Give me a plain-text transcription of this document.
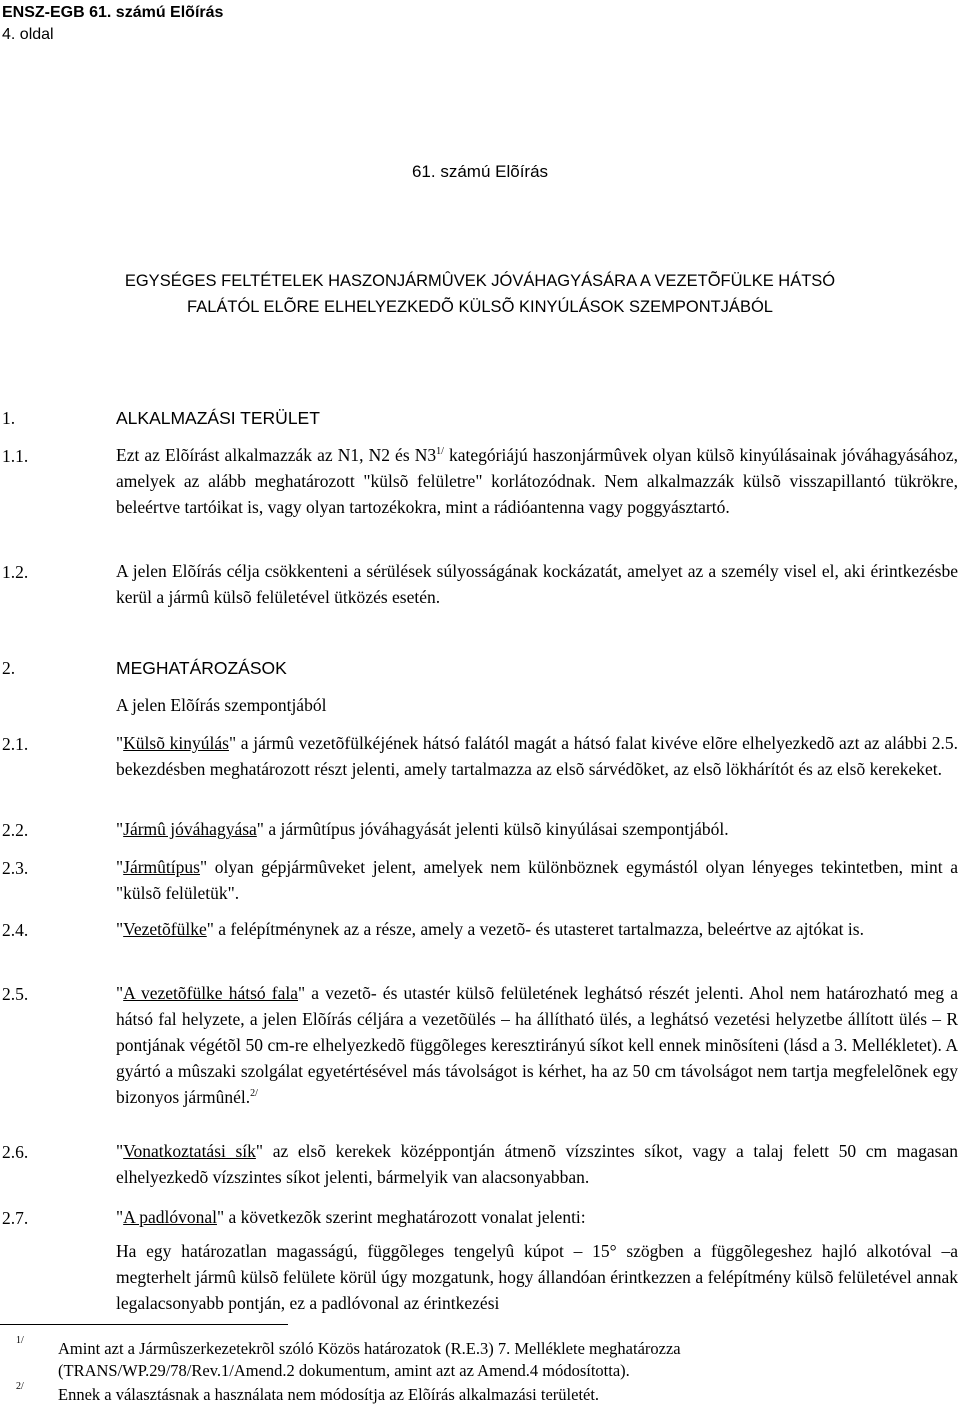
ENSZ-EGB 61. számú Elõírás
4. oldal
61. számú Elõírás
EGYSÉGES FELTÉTELEK HASZONJÁRMÛVEK JÓVÁHAGYÁSÁRA A VEZETÕFÜLKE HÁTSÓ
FALÁTÓL ELÕRE ELHELYEZKEDÕ KÜLSÕ KINYÚLÁSOK SZEMPONTJÁBÓL
1.	ALKALMAZÁSI TERÜLET
1.1.	Ezt az Elõírást alkalmazzák az N1, N2 és $N3^{1/}$ kategóriájú haszonjármûvek olyan külsõ kinyúlásainak jóváhagyásához, amelyek az alább meghatározott "külsõ felületre" korlátozódnak. Nem alkalmazzák külsõ visszapillantó tükrökre, beleértve tartóikat is, vagy olyan tartozékokra, mint a rádióantenna vagy poggyásztartó.
1.2.	A jelen Elõírás célja csökkenteni a sérülések súlyosságának kockázatát, amelyet az a személy visel el, aki érintkezésbe kerül a jármû külsõ felületével ütközés esetén.
2.	MEGHATÁROZÁSOK
A jelen Elõírás szempontjából
2.1.	"Külsõ kinyúlás" a jármû vezetõfülkéjének hátsó falától magát a hátsó falat kivéve elõre elhelyezkedõ azt az alábbi 2.5. bekezdésben meghatározott részt jelenti, amely tartalmazza az elsõ sárvédõket, az elsõ lökhárítót és az elsõ kerekeket.
2.2.	"Jármû jóváhagyása" a jármûtípus jóváhagyását jelenti külsõ kinyúlásai szempontjából.
2.3.	"Jármûtípus" olyan gépjármûveket jelent, amelyek nem különböznek egymástól olyan lényeges tekintetben, mint a "külsõ felületük".
2.4.	"Vezetõfülke" a felépítménynek az a része, amely a vezetõ- és utasteret tartalmazza, beleértve az ajtókat is.
2.5.	"A vezetõfülke hátsó fala" a vezetõ- és utastér külsõ felületének leghátsó részét jelenti. Ahol nem határozható meg a hátsó fal helyzete, a jelen Elõírás céljára a vezetõülés – ha állítható ülés, a leghátsó vezetési helyzetbe állított ülés – R pontjának végétõl 50 cm-re elhelyezkedõ függõleges keresztirányú síkot kell ennek minõsíteni (lásd a 3. Mellékletet). A gyártó a mûszaki szolgálat egyetértésével más távolságot is kérhet, ha az 50 cm távolságot nem tartja megfelelõnek egy bizonyos jármûnél.$^{2/}$
2.6.	"Vonatkoztatási sík" az elsõ kerekek középpontján átmenõ vízszintes síkot, vagy a talaj felett 50 cm magasan elhelyezkedõ vízszintes síkot jelenti, bármelyik van alacsonyabban.
2.7.	"A padlóvonal" a következõk szerint meghatározott vonalat jelenti:
Ha egy határozatlan magasságú, függõleges tengelyû kúpot – 15° szögben a függõlegeshez hajló alkotóval –a megterhelt jármû külsõ felülete körül úgy mozgatunk, hogy állandóan érintkezzen a felépítmény külsõ felületével annak legalacsonyabb pontján, ez a padlóvonal az érintkezési
1/ Amint azt a Jármûszerkezetekrõl szóló Közös határozatok (R.E.3) 7. Melléklete meghatározza
(TRANS/WP.29/78/Rev.1/Amend.2 dokumentum, amint azt az Amend.4 módosította).
2/ Ennek a választásnak a használata nem módosítja az Elõírás alkalmazási területét.
